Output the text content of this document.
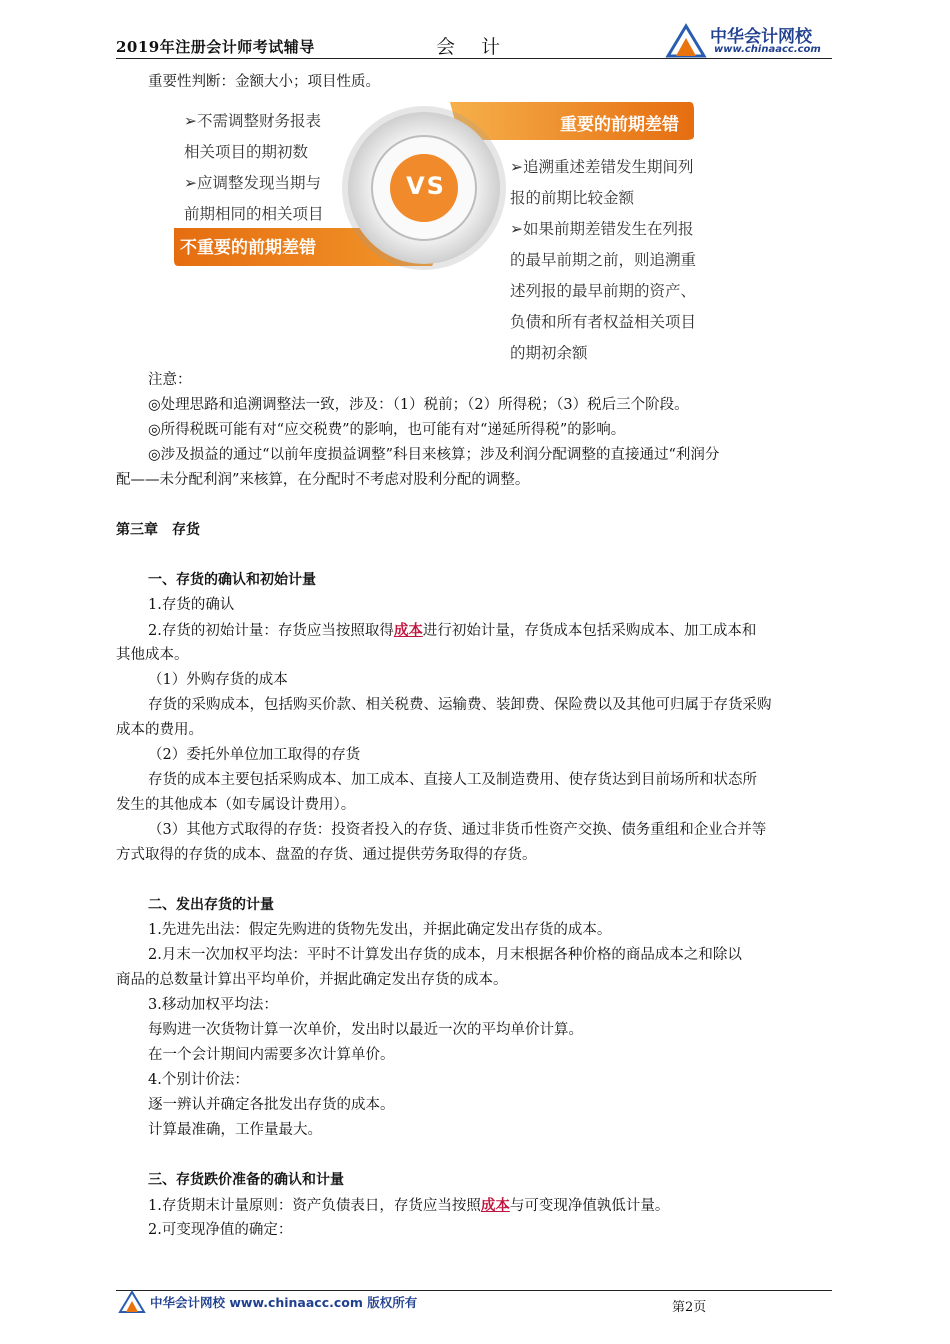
2019年注册会计师考试辅导	会 计	中华会计网校
www.chinaacc.com
重要性判断：金额大小；项目性质。
VS
重要的前期差错
不重要的前期差错
➢不需调整财务报表
相关项目的期初数
➢应调整发现当期与
前期相同的相关项目
➢追溯重述差错发生期间列
报的前期比较金额
➢如果前期差错发生在列报
的最早前期之前，则追溯重
述列报的最早前期的资产、
负债和所有者权益相关项目
的期初余额
注意：
◎处理思路和追溯调整法一致，涉及：（1）税前；（2）所得税；（3）税后三个阶段。
◎所得税既可能有对“应交税费”的影响，也可能有对“递延所得税”的影响。
◎涉及损益的通过“以前年度损益调整”科目来核算；涉及利润分配调整的直接通过“利润分
配——未分配利润”来核算，在分配时不考虑对股利分配的调整。
第三章　存货
一、存货的确认和初始计量
1.存货的确认
2.存货的初始计量：存货应当按照取得成本进行初始计量，存货成本包括采购成本、加工成本和
其他成本。
（1）外购存货的成本
存货的采购成本，包括购买价款、相关税费、运输费、装卸费、保险费以及其他可归属于存货采购
成本的费用。
（2）委托外单位加工取得的存货
存货的成本主要包括采购成本、加工成本、直接人工及制造费用、使存货达到目前场所和状态所
发生的其他成本（如专属设计费用）。
（3）其他方式取得的存货：投资者投入的存货、通过非货币性资产交换、债务重组和企业合并等
方式取得的存货的成本、盘盈的存货、通过提供劳务取得的存货。
二、发出存货的计量
1.先进先出法：假定先购进的货物先发出，并据此确定发出存货的成本。
2.月末一次加权平均法：平时不计算发出存货的成本，月末根据各种价格的商品成本之和除以
商品的总数量计算出平均单价，并据此确定发出存货的成本。
3.移动加权平均法：
每购进一次货物计算一次单价，发出时以最近一次的平均单价计算。
在一个会计期间内需要多次计算单价。
4.个别计价法：
逐一辨认并确定各批发出存货的成本。
计算最准确，工作量最大。
三、存货跌价准备的确认和计量
1.存货期末计量原则：资产负债表日，存货应当按照成本与可变现净值孰低计量。
2.可变现净值的确定：
中华会计网校 www.chinaacc.com 版权所有	第2页
